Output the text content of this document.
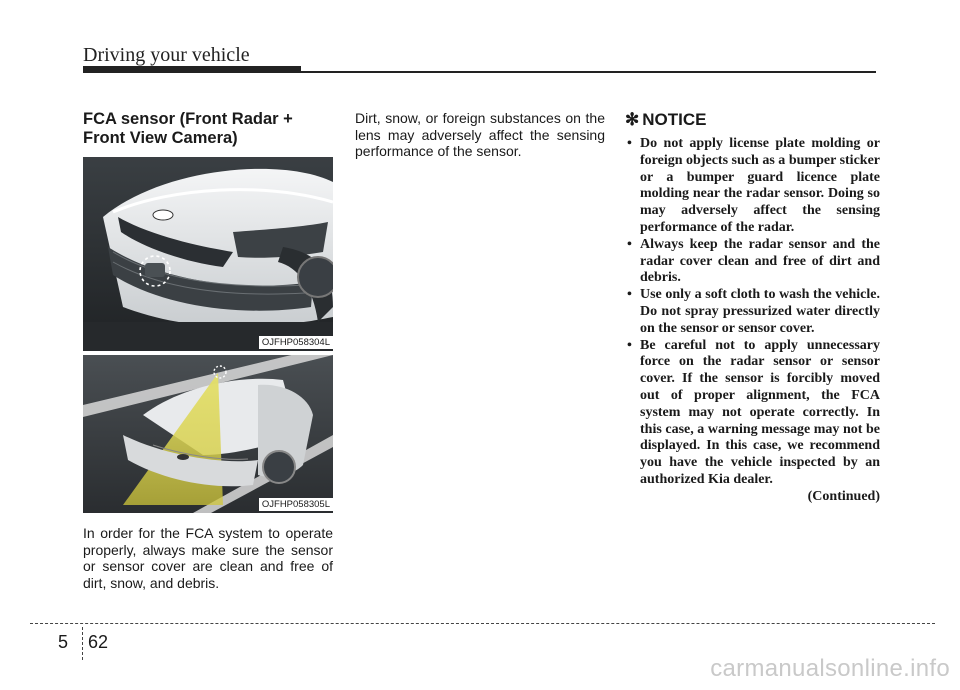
Driving your vehicle
FCA sensor (Front Radar + Front View Camera)
OJFHP058304L
OJFHP058305L

In order for the FCA system to operate properly, always make sure the sensor or sensor cover are clean and free of dirt, snow, and debris.

Dirt, snow, or foreign substances on the lens may adversely affect the sensing performance of the sensor.

✻ NOTICE
• Do not apply license plate molding or foreign objects such as a bumper sticker or a bumper guard licence plate molding near the radar sensor. Doing so may adversely affect the sensing performance of the radar.
• Always keep the radar sensor and the radar cover clean and free of dirt and debris.
• Use only a soft cloth to wash the vehicle. Do not spray pressurized water directly on the sensor or sensor cover.
• Be careful not to apply unnecessary force on the radar sensor or sensor cover. If the sensor is forcibly moved out of proper alignment, the FCA system may not operate correctly. In this case, a warning message may not be displayed. In this case, we recommend you have the vehicle inspected by an authorized Kia dealer.
(Continued)
5 62
carmanualsonline.info
